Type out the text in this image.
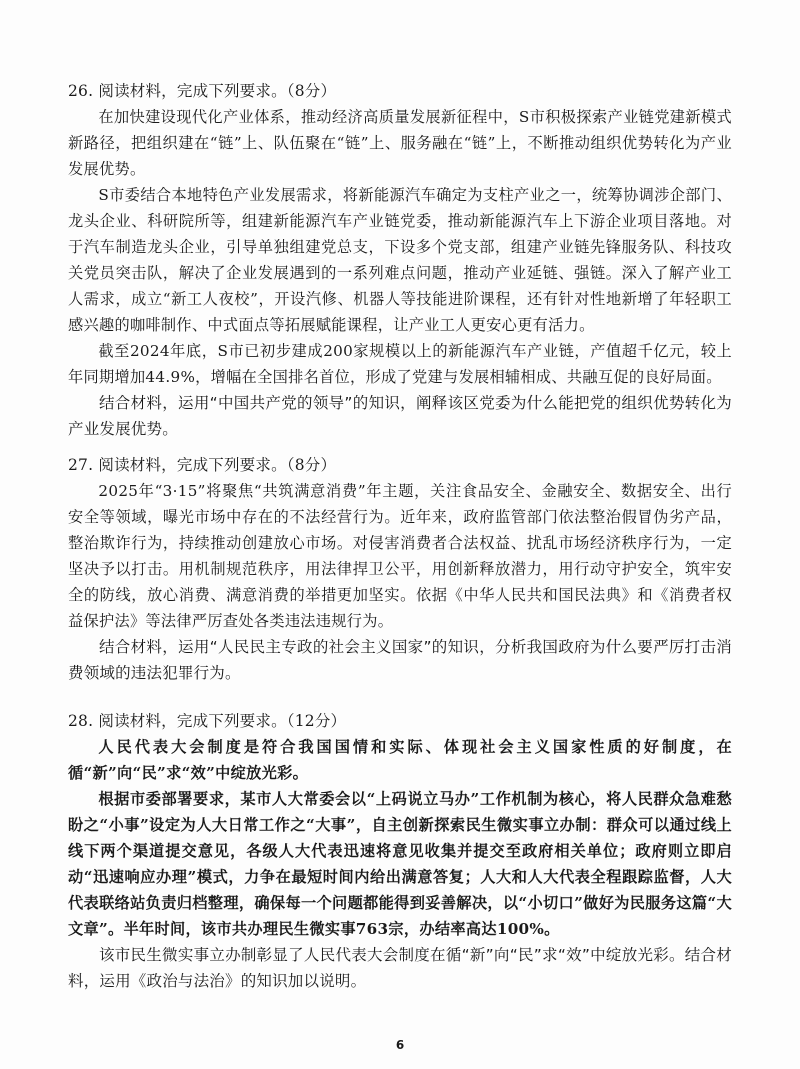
26. 阅读材料，完成下列要求。（8分）

在加快建设现代化产业体系，推动经济高质量发展新征程中，S市积极探索产业链党建新模式新路径，把组织建在“链”上、队伍聚在“链”上、服务融在“链”上，不断推动组织优势转化为产业发展优势。

S市委结合本地特色产业发展需求，将新能源汽车确定为支柱产业之一，统筹协调涉企部门、龙头企业、科研院所等，组建新能源汽车产业链党委，推动新能源汽车上下游企业项目落地。对于汽车制造龙头企业，引导单独组建党总支，下设多个党支部，组建产业链先锋服务队、科技攻关党员突击队，解决了企业发展遇到的一系列难点问题，推动产业延链、强链。深入了解产业工人需求，成立“新工人夜校”，开设汽修、机器人等技能进阶课程，还有针对性地新增了年轻职工感兴趣的咖啡制作、中式面点等拓展赋能课程，让产业工人更安心更有活力。

截至2024年底，S市已初步建成200家规模以上的新能源汽车产业链，产值超千亿元，较上年同期增加44.9%，增幅在全国排名首位，形成了党建与发展相辅相成、共融互促的良好局面。

结合材料，运用“中国共产党的领导”的知识，阐释该区党委为什么能把党的组织优势转化为产业发展优势。

27. 阅读材料，完成下列要求。（8分）

2025年“3·15”将聚焦“共筑满意消费”年主题，关注食品安全、金融安全、数据安全、出行安全等领域，曝光市场中存在的不法经营行为。近年来，政府监管部门依法整治假冒伪劣产品，整治欺诈行为，持续推动创建放心市场。对侵害消费者合法权益、扰乱市场经济秩序行为，一定坚决予以打击。用机制规范秩序，用法律捍卫公平，用创新释放潜力，用行动守护安全，筑牢安全的防线，放心消费、满意消费的举措更加坚实。依据《中华人民共和国民法典》和《消费者权益保护法》等法律严厉查处各类违法违规行为。

结合材料，运用“人民民主专政的社会主义国家”的知识，分析我国政府为什么要严厉打击消费领域的违法犯罪行为。

28. 阅读材料，完成下列要求。（12分）

人民代表大会制度是符合我国国情和实际、体现社会主义国家性质的好制度，在循“新”向“民”求“效”中绽放光彩。

根据市委部署要求，某市人大常委会以“上码说立马办”工作机制为核心，将人民群众急难愁盼之“小事”设定为人大日常工作之“大事”，自主创新探索民生微实事立办制：群众可以通过线上线下两个渠道提交意见，各级人大代表迅速将意见收集并提交至政府相关单位；政府则立即启动“迅速响应办理”模式，力争在最短时间内给出满意答复；人大和人大代表全程跟踪监督，人大代表联络站负责归档整理，确保每一个问题都能得到妥善解决，以“小切口”做好为民服务这篇“大文章”。半年时间，该市共办理民生微实事763宗，办结率高达100%。

该市民生微实事立办制彰显了人民代表大会制度在循“新”向“民”求“效”中绽放光彩。结合材料，运用《政治与法治》的知识加以说明。

6
